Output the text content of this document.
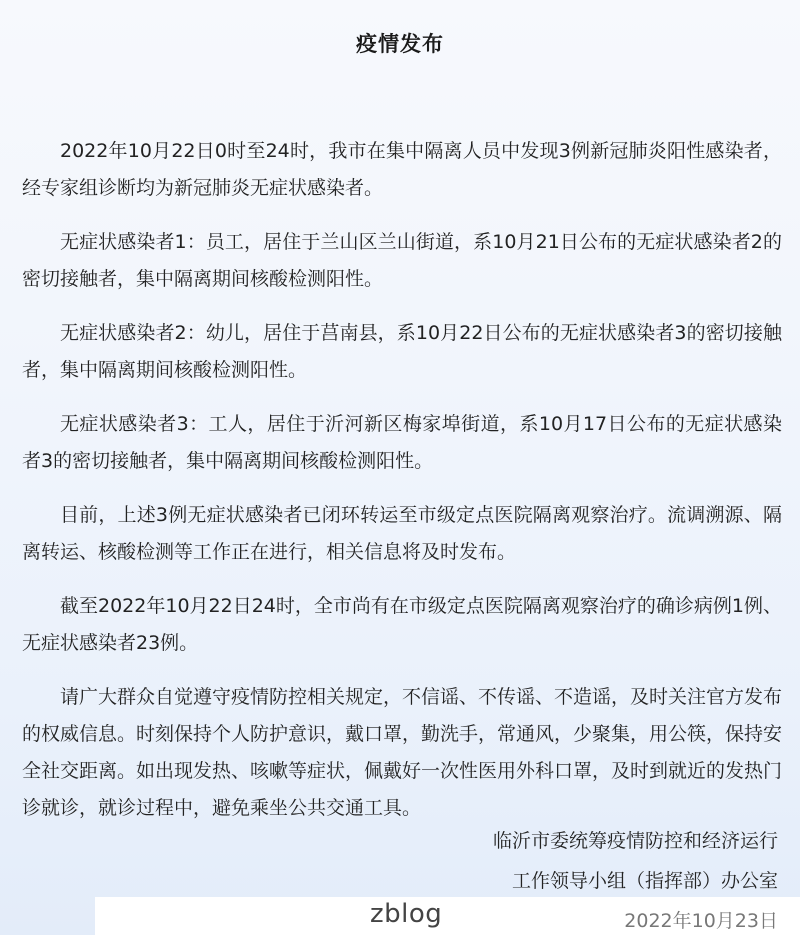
疫情发布

2022年10月22日0时至24时，我市在集中隔离人员中发现3例新冠肺炎阳性感染者，经专家组诊断均为新冠肺炎无症状感染者。

无症状感染者1：员工，居住于兰山区兰山街道，系10月21日公布的无症状感染者2的密切接触者，集中隔离期间核酸检测阳性。

无症状感染者2：幼儿，居住于莒南县，系10月22日公布的无症状感染者3的密切接触者，集中隔离期间核酸检测阳性。

无症状感染者3：工人，居住于沂河新区梅家埠街道，系10月17日公布的无症状感染者3的密切接触者，集中隔离期间核酸检测阳性。

目前，上述3例无症状感染者已闭环转运至市级定点医院隔离观察治疗。流调溯源、隔离转运、核酸检测等工作正在进行，相关信息将及时发布。

截至2022年10月22日24时，全市尚有在市级定点医院隔离观察治疗的确诊病例1例、无症状感染者23例。

请广大群众自觉遵守疫情防控相关规定，不信谣、不传谣、不造谣，及时关注官方发布的权威信息。时刻保持个人防护意识，戴口罩，勤洗手，常通风，少聚集，用公筷，保持安全社交距离。如出现发热、咳嗽等症状，佩戴好一次性医用外科口罩，及时到就近的发热门诊就诊，就诊过程中，避免乘坐公共交通工具。

临沂市委统筹疫情防控和经济运行
工作领导小组（指挥部）办公室
2022年10月23日
zblog
